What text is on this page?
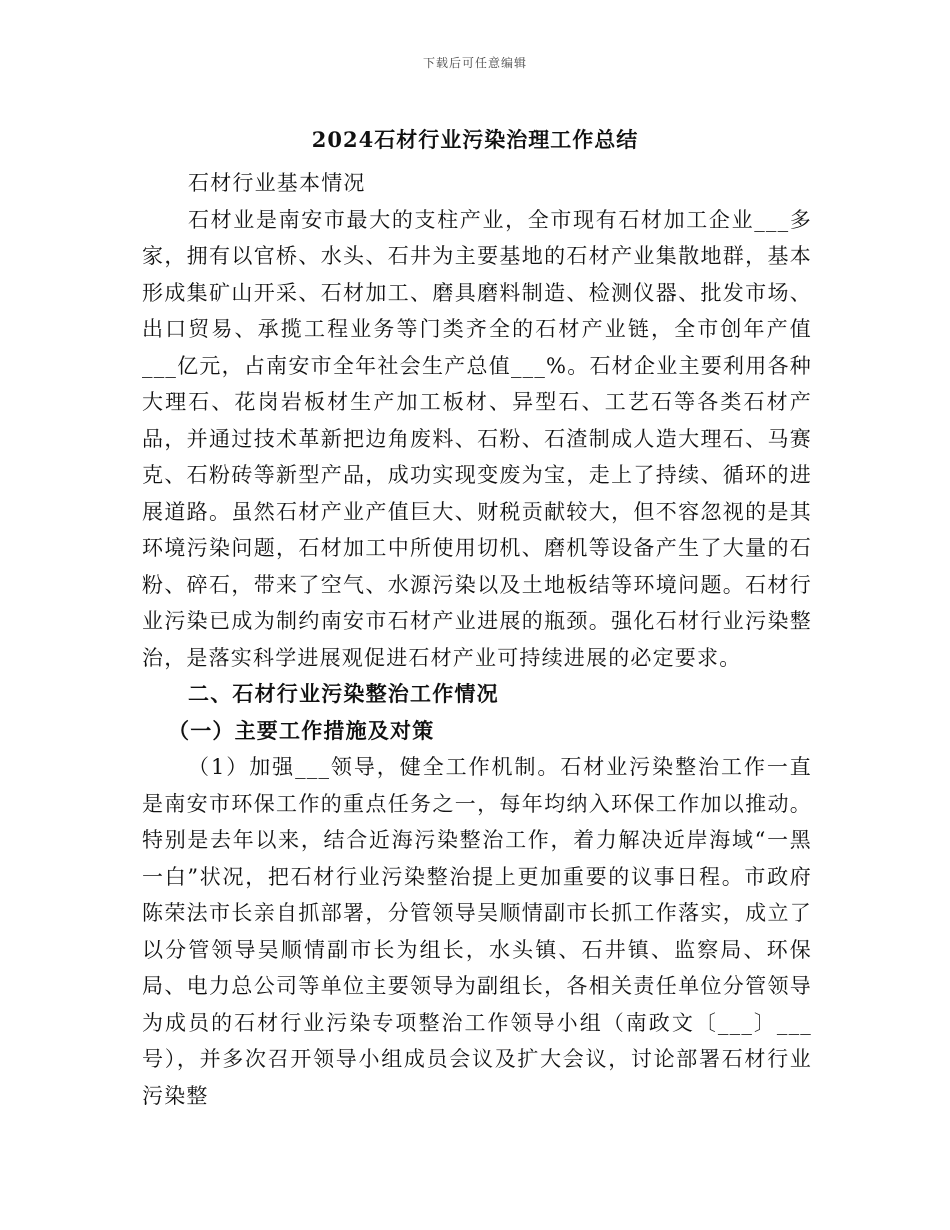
下载后可任意编辑
2024石材行业污染治理工作总结

石材行业基本情况

石材业是南安市最大的支柱产业，全市现有石材加工企业___多家，拥有以官桥、水头、石井为主要基地的石材产业集散地群，基本形成集矿山开采、石材加工、磨具磨料制造、检测仪器、批发市场、出口贸易、承揽工程业务等门类齐全的石材产业链，全市创年产值___亿元，占南安市全年社会生产总值___%。石材企业主要利用各种大理石、花岗岩板材生产加工板材、异型石、工艺石等各类石材产品，并通过技术革新把边角废料、石粉、石渣制成人造大理石、马赛克、石粉砖等新型产品，成功实现变废为宝，走上了持续、循环的进展道路。虽然石材产业产值巨大、财税贡献较大，但不容忽视的是其环境污染问题，石材加工中所使用切机、磨机等设备产生了大量的石粉、碎石，带来了空气、水源污染以及土地板结等环境问题。石材行业污染已成为制约南安市石材产业进展的瓶颈。强化石材行业污染整治，是落实科学进展观促进石材产业可持续进展的必定要求。

二、石材行业污染整治工作情况

（一）主要工作措施及对策

（1）加强___领导，健全工作机制。石材业污染整治工作一直是南安市环保工作的重点任务之一，每年均纳入环保工作加以推动。特别是去年以来，结合近海污染整治工作，着力解决近岸海域“一黑一白”状况，把石材行业污染整治提上更加重要的议事日程。市政府陈荣法市长亲自抓部署，分管领导吴顺情副市长抓工作落实，成立了以分管领导吴顺情副市长为组长，水头镇、石井镇、监察局、环保局、电力总公司等单位主要领导为副组长，各相关责任单位分管领导为成员的石材行业污染专项整治工作领导小组（南政文〔___〕___号），并多次召开领导小组成员会议及扩大会议，讨论部署石材行业污染整
